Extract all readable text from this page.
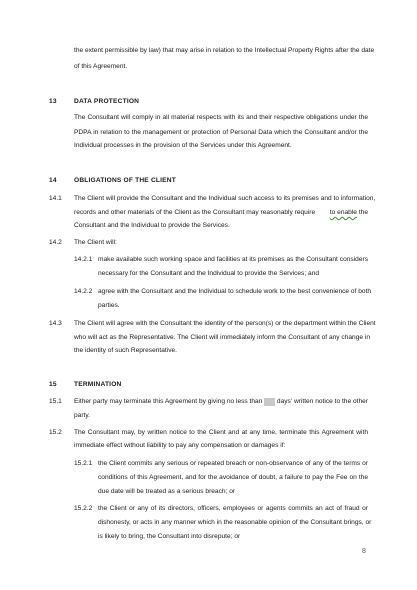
the extent permissible by law) that may arise in relation to the Intellectual Property Rights after the date
of this Agreement.
13	DATA PROTECTION
The Consultant will comply in all material respects with its and their respective obligations under the
PDPA in relation to the management or protection of Personal Data which the Consultant and/or the
Individual processes in the provision of the Services under this Agreement.
14	OBLIGATIONS OF THE CLIENT
14.1 The Client will provide the Consultant and the Individual such access to its premises and to information,
records and other materials of the Client as the Consultant may reasonably require to enable the
Consultant and the Individual to provide the Services.
14.2 The Client will:
14.2.1 make available such working space and facilities at its premises as the Consultant considers
necessary for the Consultant and the Individual to provide the Services; and
14.2.2 agree with the Consultant and the Individual to schedule work to the best convenience of both
parties.
14.3 The Client will agree with the Consultant the identity of the person(s) or the department within the Client
who will act as the Representative. The Client will immediately inform the Consultant of any change in
the identity of such Representative.
15	TERMINATION
15.1 Either party may terminate this Agreement by giving no less than days' written notice to the other
party.
15.2 The Consultant may, by written notice to the Client and at any time, terminate this Agreement with
immediate effect without liability to pay any compensation or damages if:
15.2.1 the Client commits any serious or repeated breach or non-observance of any of the terms or
conditions of this Agreement, and for the avoidance of doubt, a failure to pay the Fee on the
due date will be treated as a serious breach; or
15.2.2 the Client or any of its directors, officers, employees or agents commits an act of fraud or
dishonesty, or acts in any manner which in the reasonable opinion of the Consultant brings, or
is likely to bring, the Consultant into disrepute; or
8
